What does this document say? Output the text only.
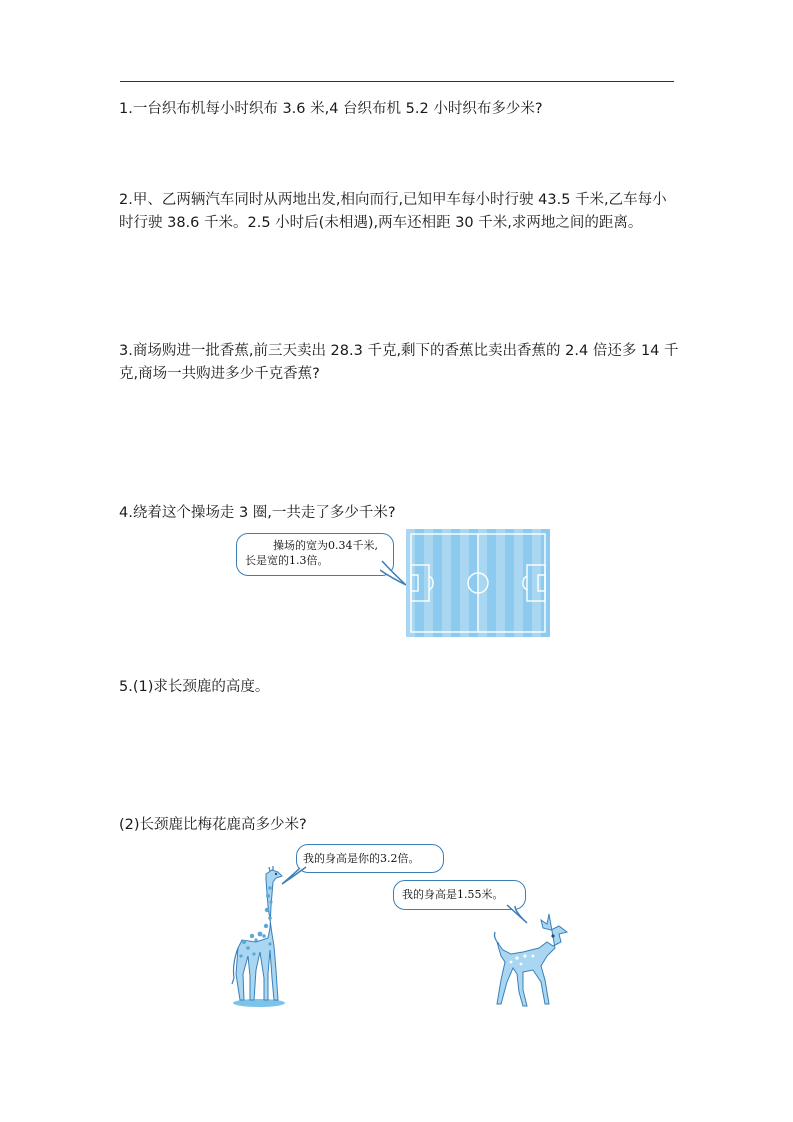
1.一台织布机每小时织布 3.6 米,4 台织布机 5.2 小时织布多少米?

2.甲、乙两辆汽车同时从两地出发,相向而行,已知甲车每小时行驶 43.5 千米,乙车每小时行驶 38.6 千米。2.5 小时后(未相遇),两车还相距 30 千米,求两地之间的距离。

3.商场购进一批香蕉,前三天卖出 28.3 千克,剩下的香蕉比卖出香蕉的 2.4 倍还多 14 千克,商场一共购进多少千克香蕉?

4.绕着这个操场走 3 圈,一共走了多少千米?

操场的宽为0.34千米,
长是宽的1.3倍。

5.(1)求长颈鹿的高度。

(2)长颈鹿比梅花鹿高多少米?

我的身高是你的3.2倍。
我的身高是1.55米。
